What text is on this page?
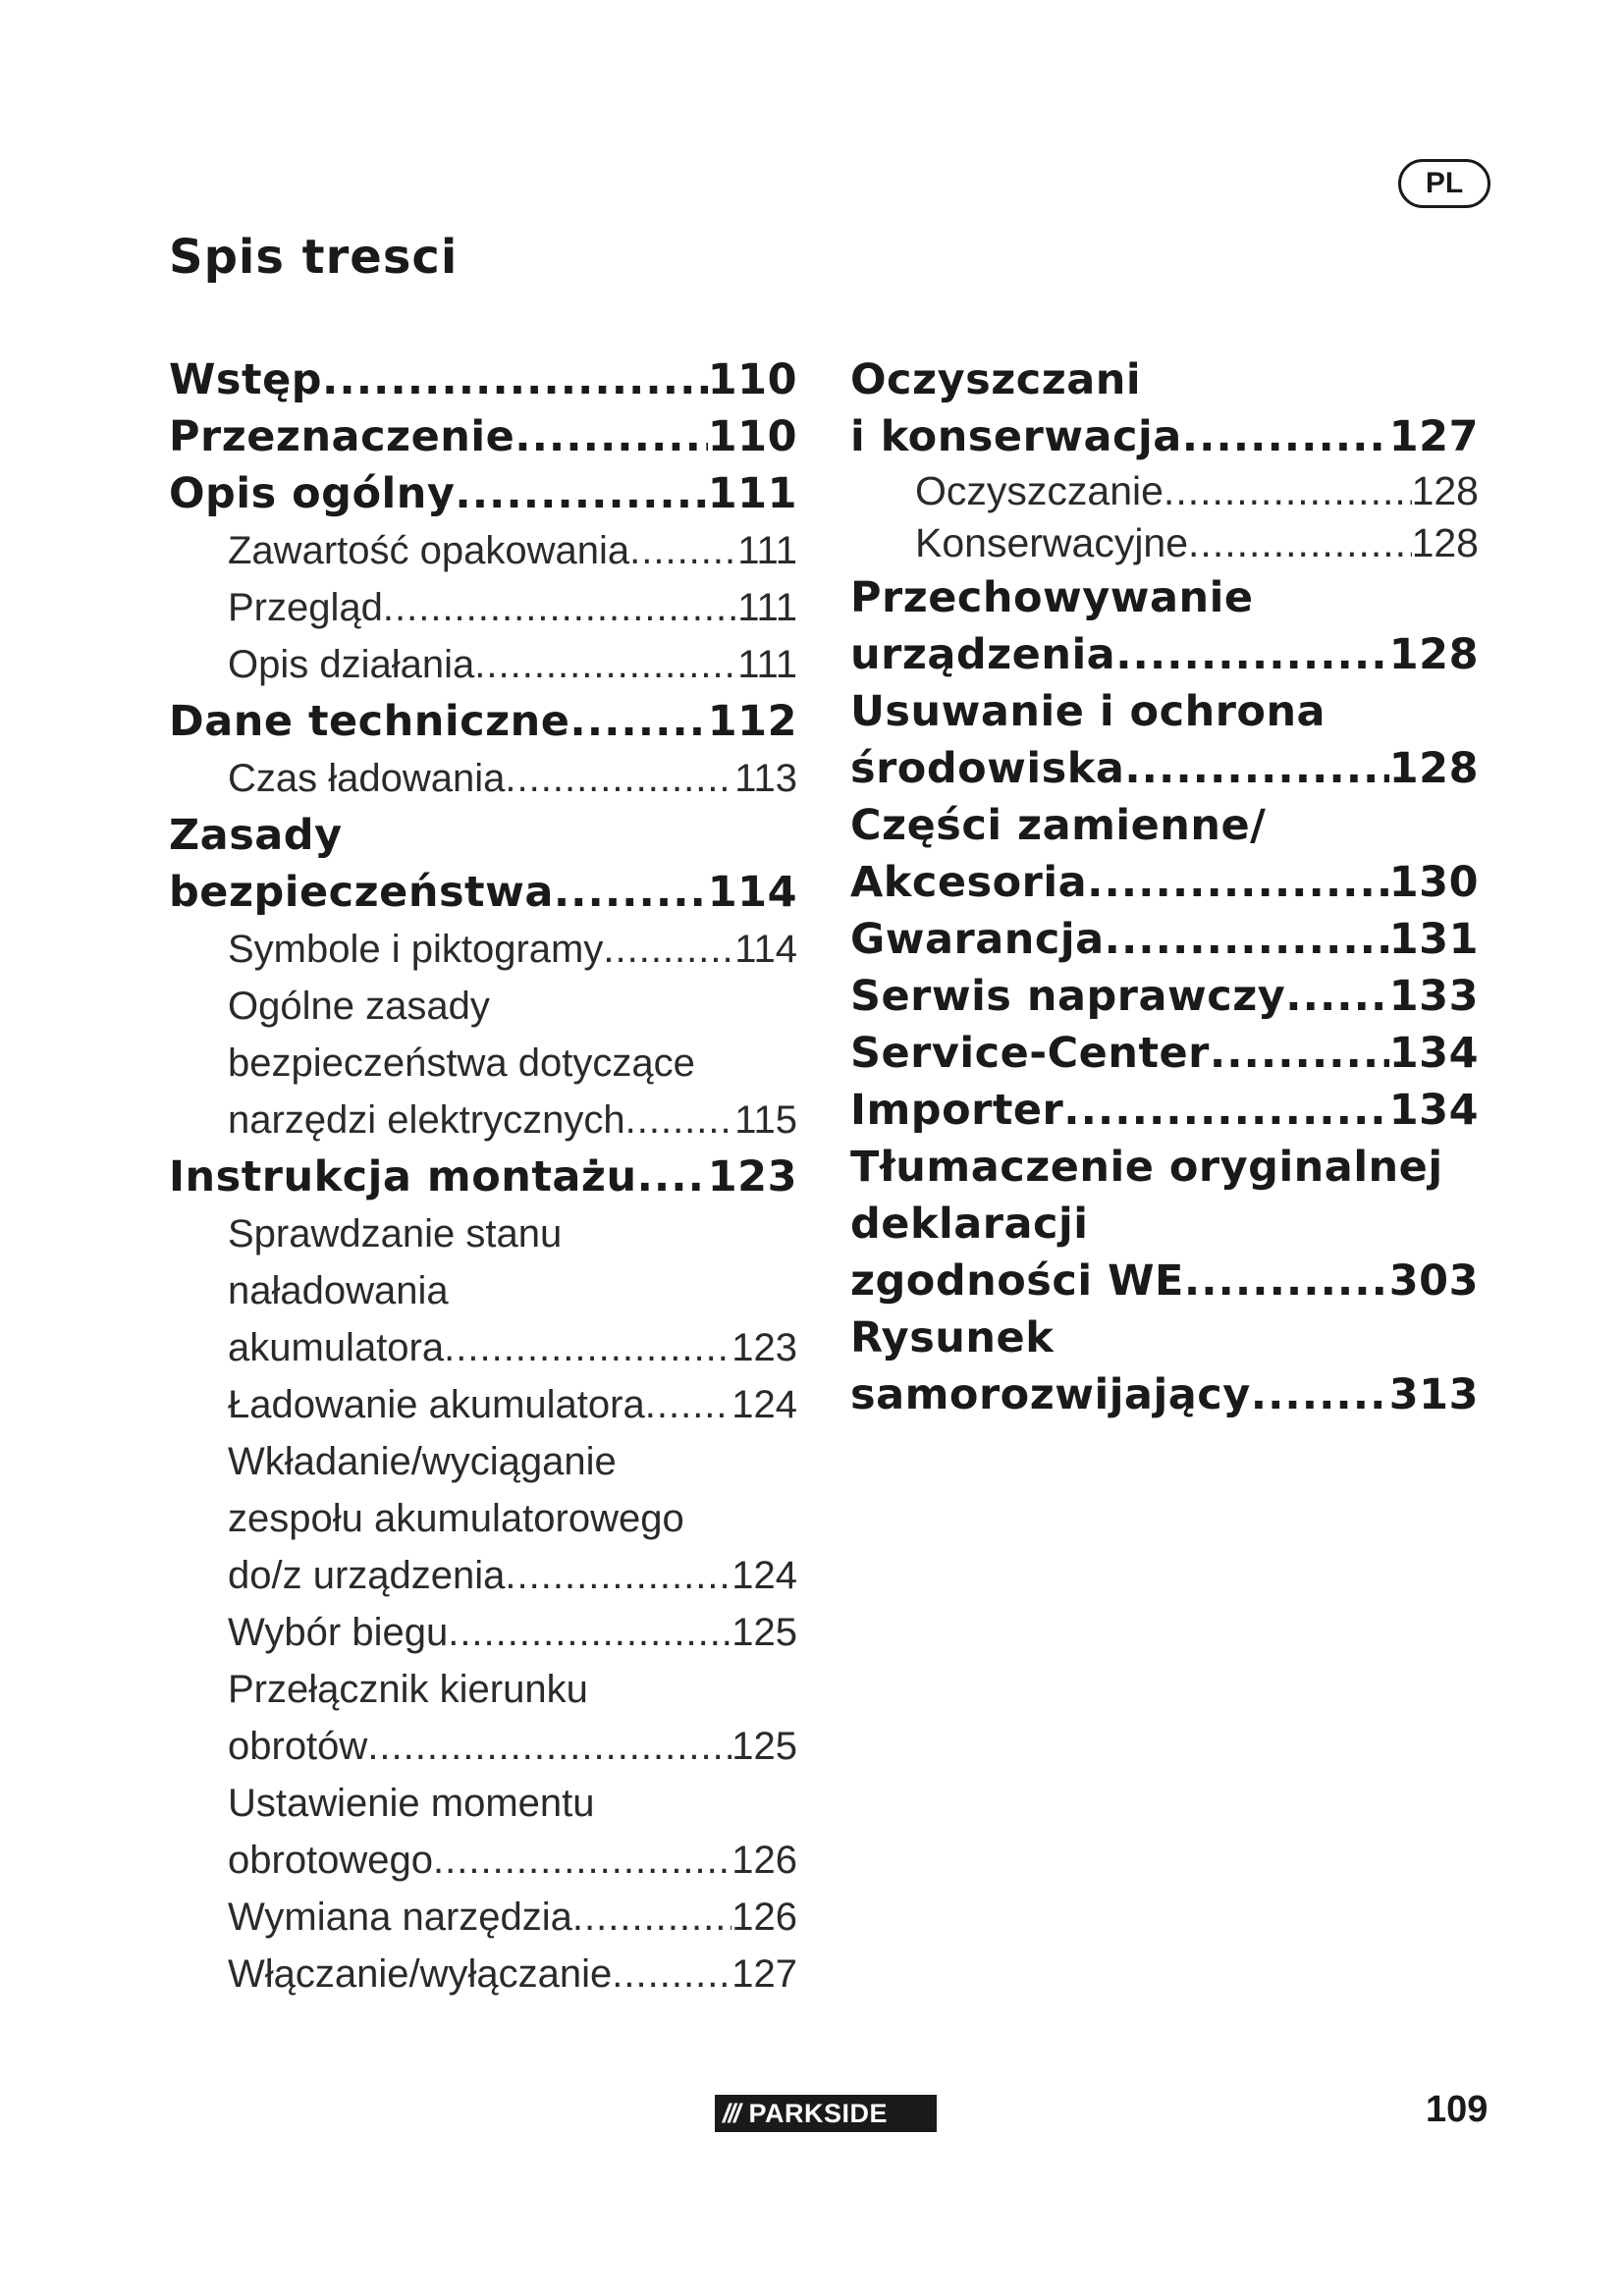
PL
Spis tresci
Wstęp .....	110
Przeznaczenie .....	110
Opis ogólny .....	111
Zawartość opakowania .....	111
Przegląd .....	111
Opis działania .....	111
Dane techniczne .....	112
Czas ładowania .....	113
Zasady
bezpieczeństwa .....	114
Symbole i piktogramy .....	114
Ogólne zasady
bezpieczeństwa dotyczące
narzędzi elektrycznych .....	115
Instrukcja montażu ..... 123
Sprawdzanie stanu
naładowania
akumulatora .....	123
Ładowanie akumulatora ..... 124
Wkładanie/wyciąganie
zespołu akumulatorowego
do/z urządzenia .....	124
Wybór biegu .....	125
Przełącznik kierunku
obrotów .....	125
Ustawienie momentu
obrotowego .....	126
Wymiana narzędzia .....	126
Włączanie/wyłączanie .....	127
Oczyszczani
i konserwacja .....	127
Oczyszczanie .....	128
Konserwacyjne .....	128
Przechowywanie
urządzenia .....	128
Usuwanie i ochrona
środowiska .....	128
Części zamienne/
Akcesoria .....	130
Gwarancja .....	131
Serwis naprawczy ..... 133
Service-Center .....	134
Importer .....	134
Tłumaczenie oryginalnej
deklaracji
zgodności WE .....	303
Rysunek
samorozwijający .....	313
/// PARKSIDE	109
